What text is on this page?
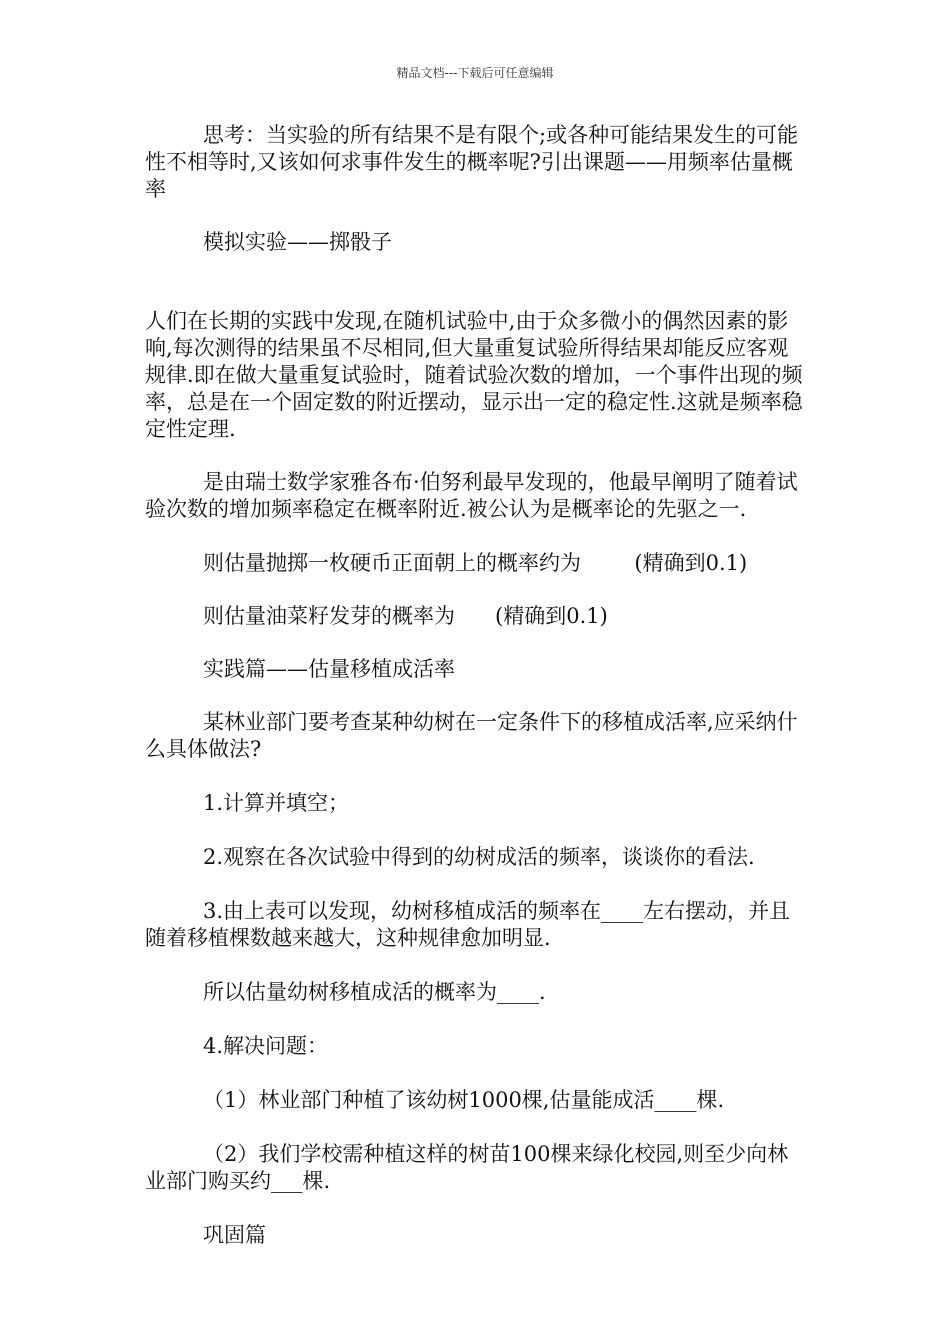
精品文档---下载后可任意编辑

思考：当实验的所有结果不是有限个;或各种可能结果发生的可能性不相等时,又该如何求事件发生的概率呢?引出课题——用频率估量概率

模拟实验——掷骰子

人们在长期的实践中发现,在随机试验中,由于众多微小的偶然因素的影响,每次测得的结果虽不尽相同,但大量重复试验所得结果却能反应客观规律.即在做大量重复试验时，随着试验次数的增加，一个事件出现的频率，总是在一个固定数的附近摆动，显示出一定的稳定性.这就是频率稳定性定理.

是由瑞士数学家雅各布·伯努利最早发现的，他最早阐明了随着试验次数的增加频率稳定在概率附近.被公认为是概率论的先驱之一.

则估量抛掷一枚硬币正面朝上的概率约为        (精确到0.1)

则估量油菜籽发芽的概率为      (精确到0.1)

实践篇——估量移植成活率

某林业部门要考查某种幼树在一定条件下的移植成活率,应采纳什么具体做法?

1.计算并填空；

2.观察在各次试验中得到的幼树成活的频率，谈谈你的看法.

3.由上表可以发现，幼树移植成活的频率在____左右摆动，并且随着移植棵数越来越大，这种规律愈加明显.

所以估量幼树移植成活的概率为____.

4.解决问题：

（1）林业部门种植了该幼树1000棵,估量能成活____棵.

（2）我们学校需种植这样的树苗100棵来绿化校园,则至少向林业部门购买约___棵.

巩固篇
